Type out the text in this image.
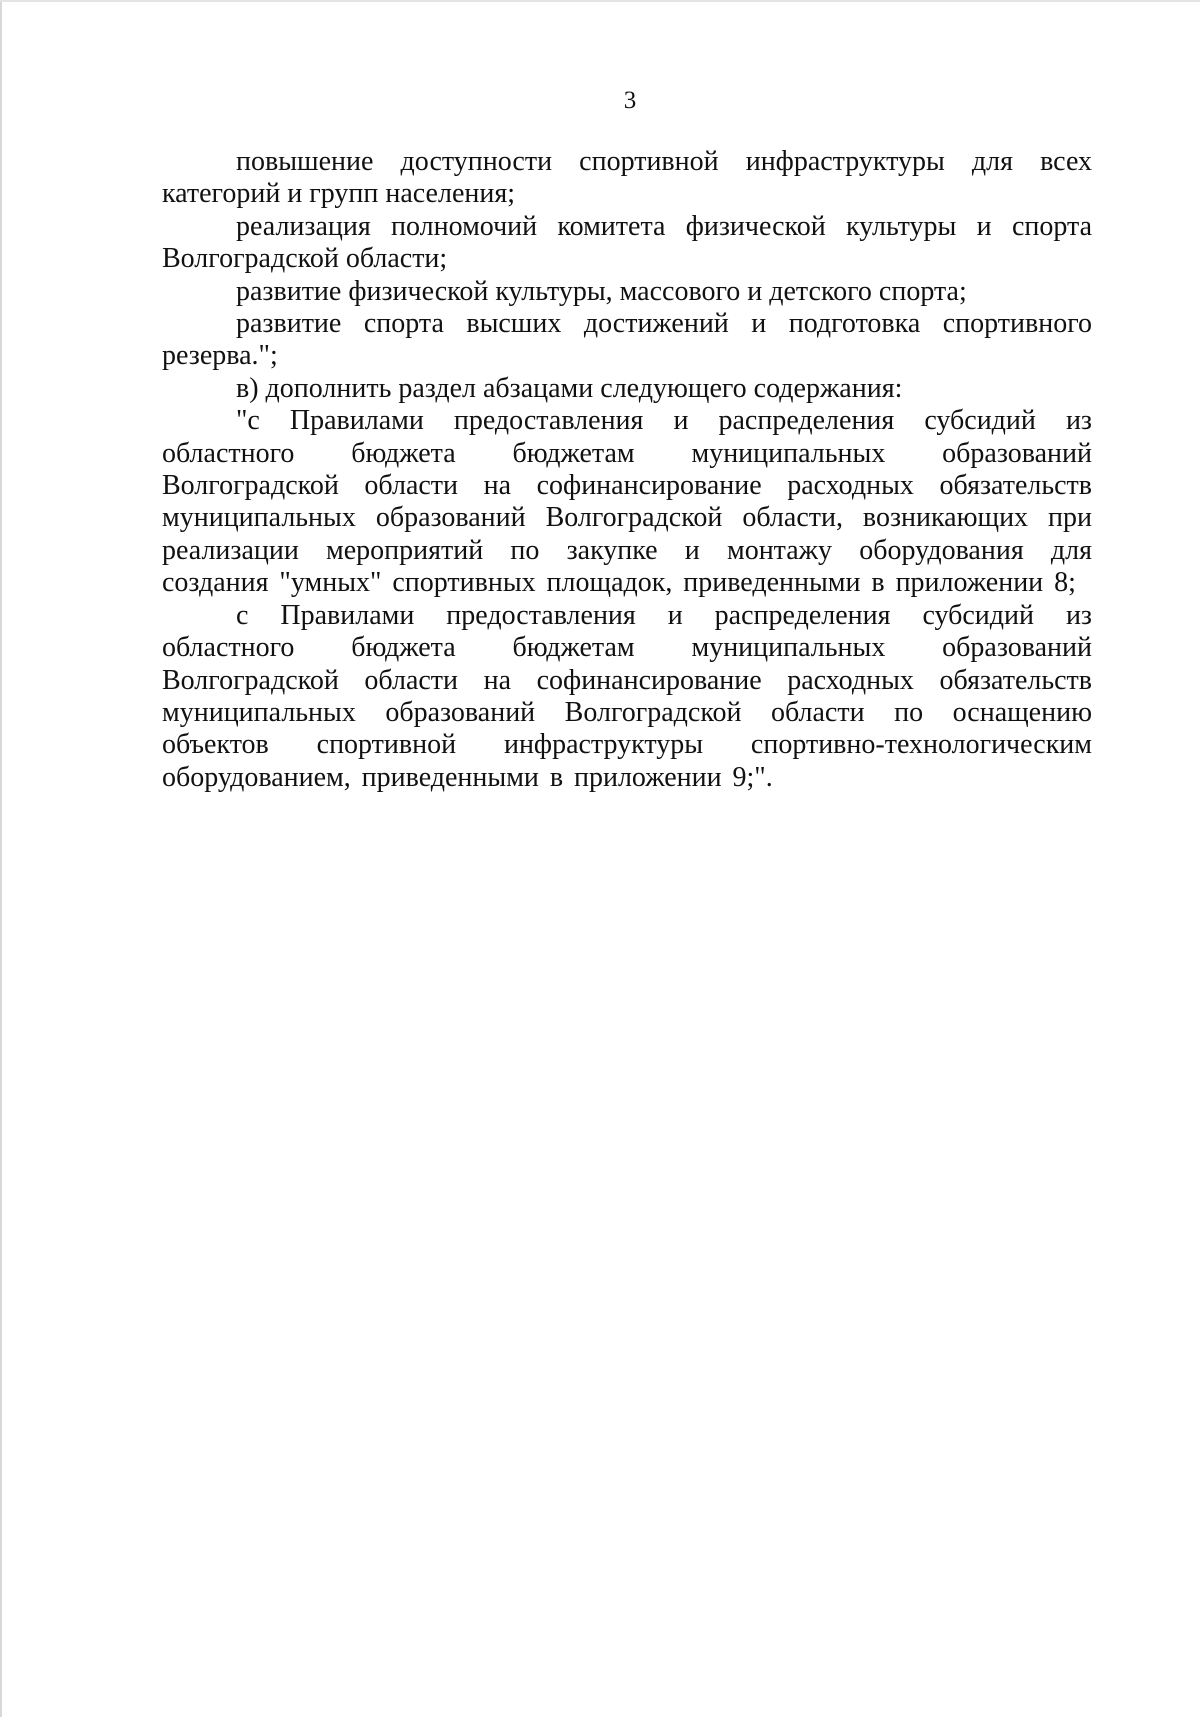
3

повышение доступности спортивной инфраструктуры для всех категорий и групп населения;

реализация полномочий комитета физической культуры и спорта Волгоградской области;

развитие физической культуры, массового и детского спорта;

развитие спорта высших достижений и подготовка спортивного резерва.";

в) дополнить раздел абзацами следующего содержания:

"с Правилами предоставления и распределения субсидий из областного бюджета бюджетам муниципальных образований Волгоградской области на софинансирование расходных обязательств муниципальных образований Волгоградской области, возникающих при реализации мероприятий по закупке и монтажу оборудования для создания "умных" спортивных площадок, приведенными в приложении 8;

с Правилами предоставления и распределения субсидий из областного бюджета бюджетам муниципальных образований Волгоградской области на софинансирование расходных обязательств муниципальных образований Волгоградской области по оснащению объектов спортивной инфраструктуры спортивно-технологическим оборудованием, приведенными в приложении 9;".
